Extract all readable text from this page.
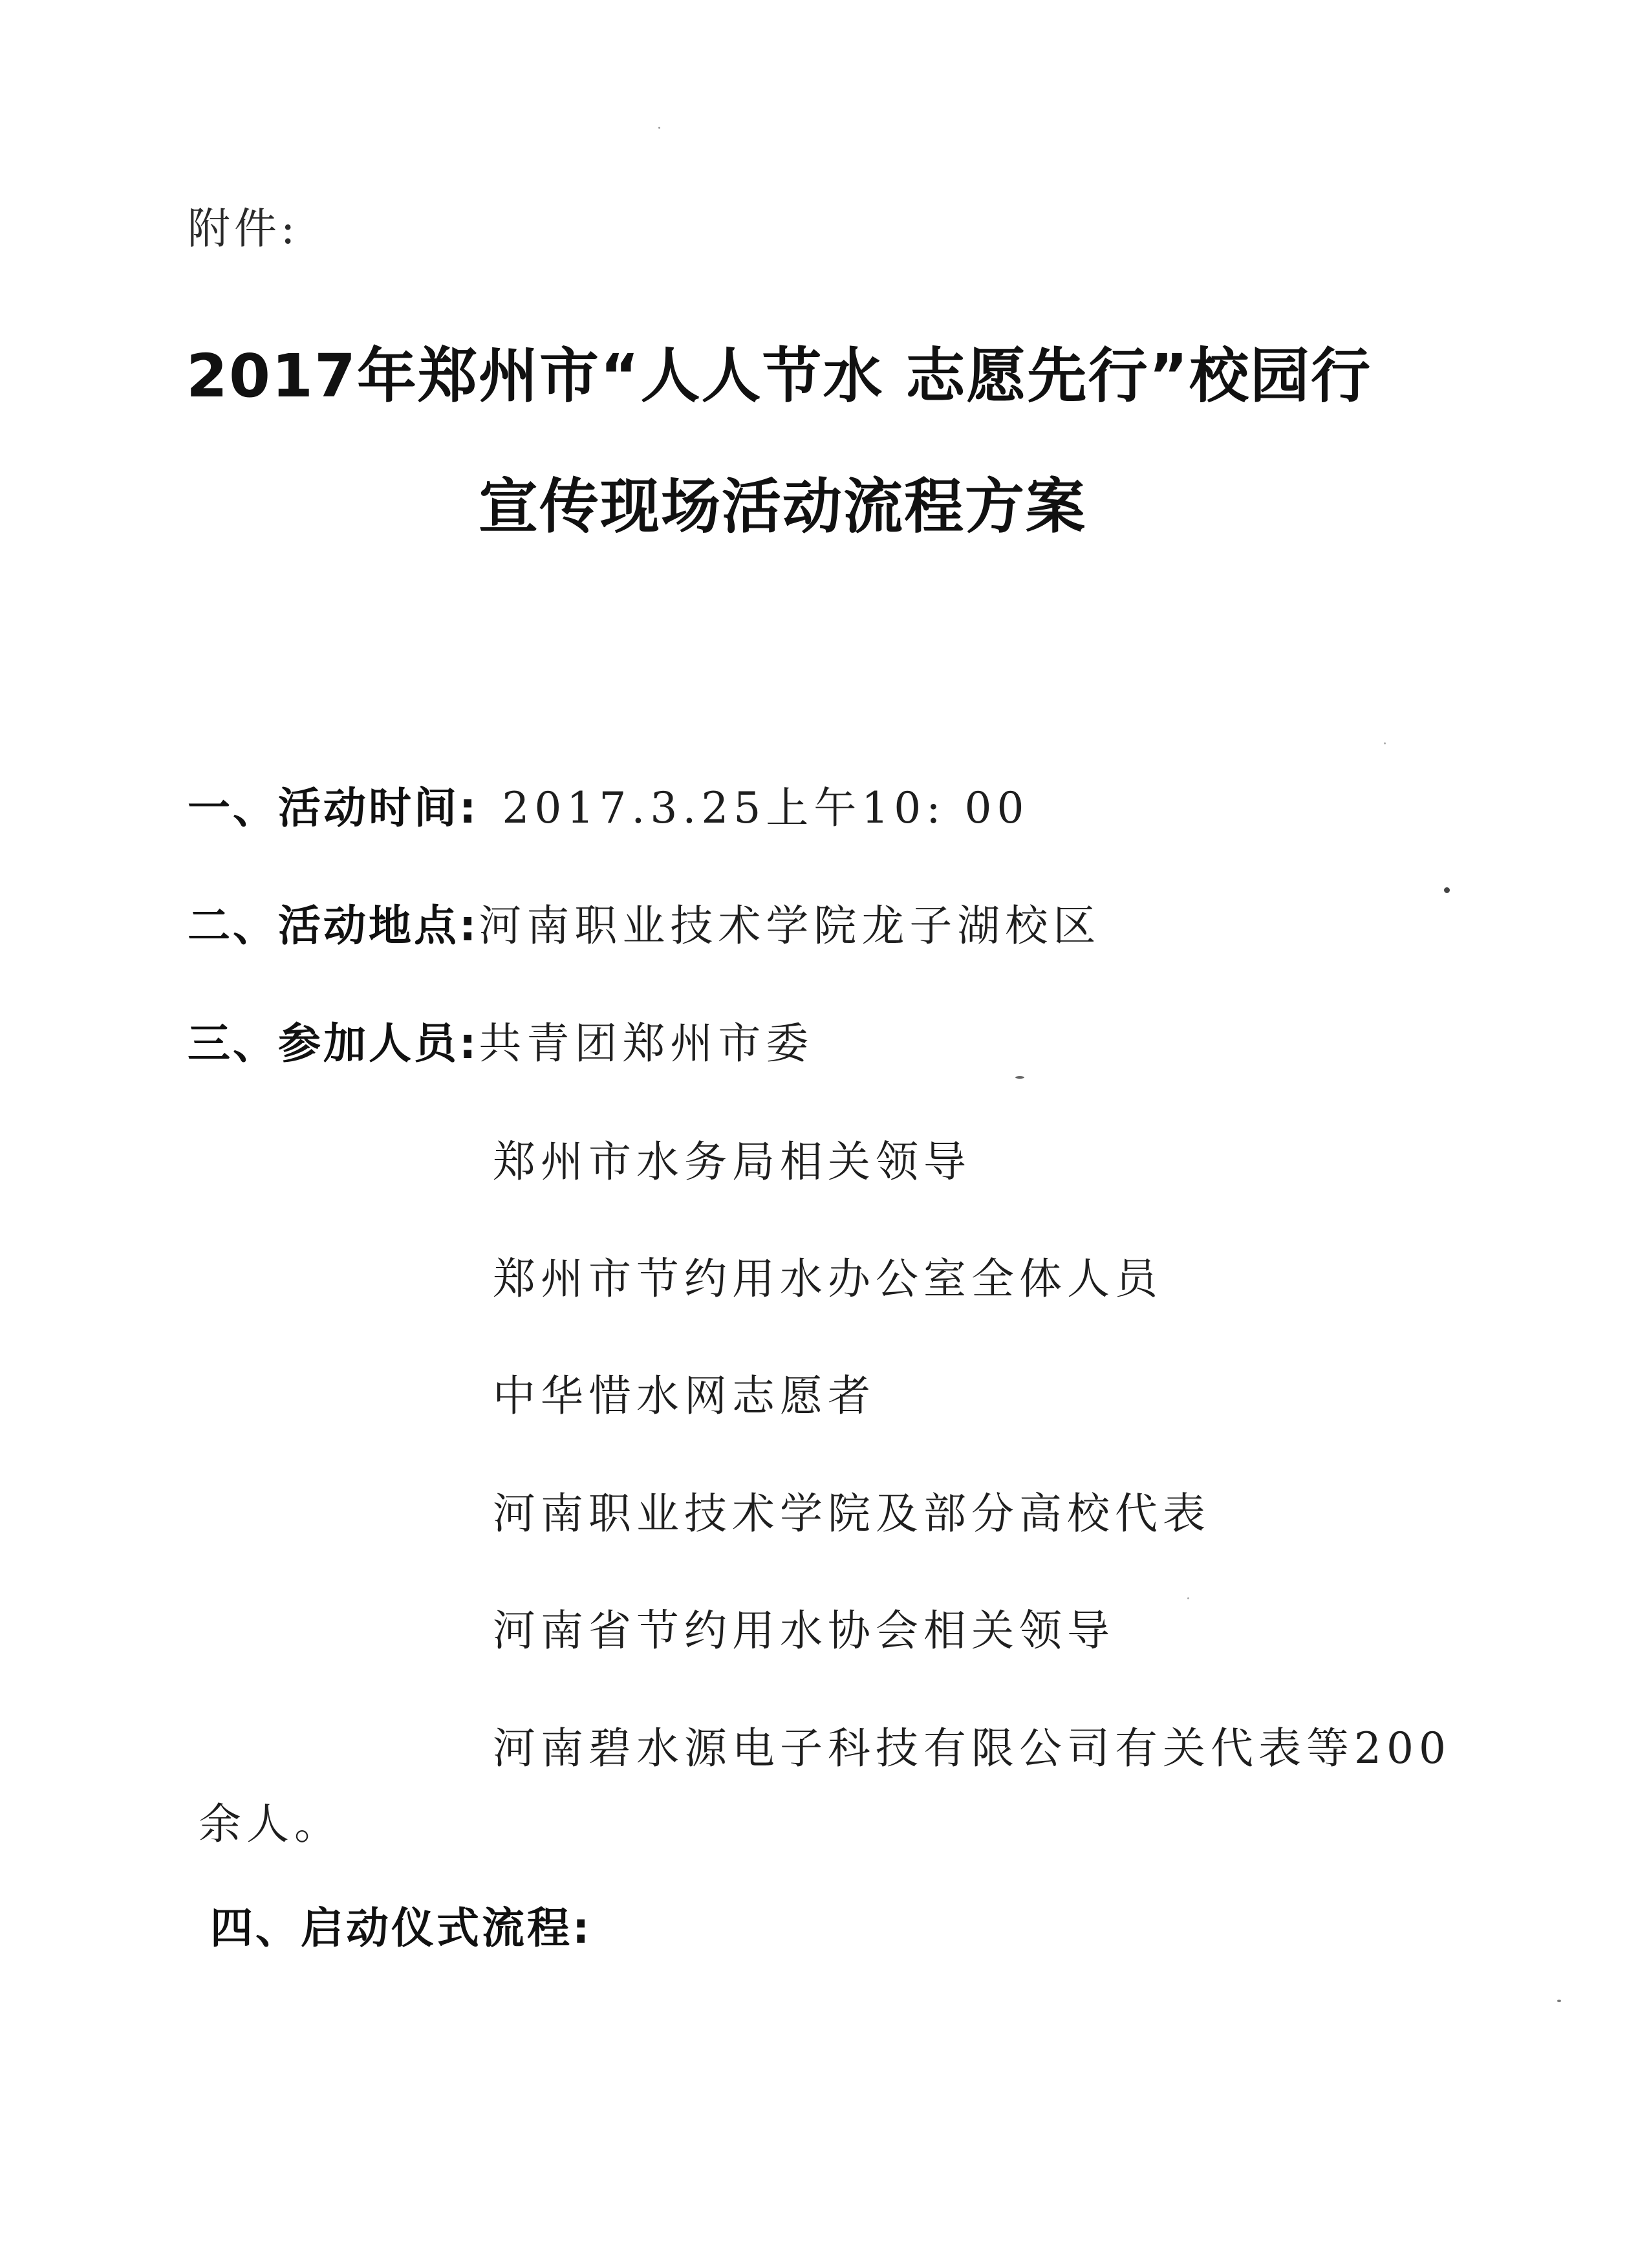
附件:
2017年郑州市“人人节水 志愿先行”校园行
宣传现场活动流程方案
一、活动时间: 2017.3.25上午10: 00
二、活动地点: 河南职业技术学院龙子湖校区
三、参加人员: 共青团郑州市委
郑州市水务局相关领导
郑州市节约用水办公室全体人员
中华惜水网志愿者
河南职业技术学院及部分高校代表
河南省节约用水协会相关领导
河南碧水源电子科技有限公司有关代表等200
余人。
四、启动仪式流程:
